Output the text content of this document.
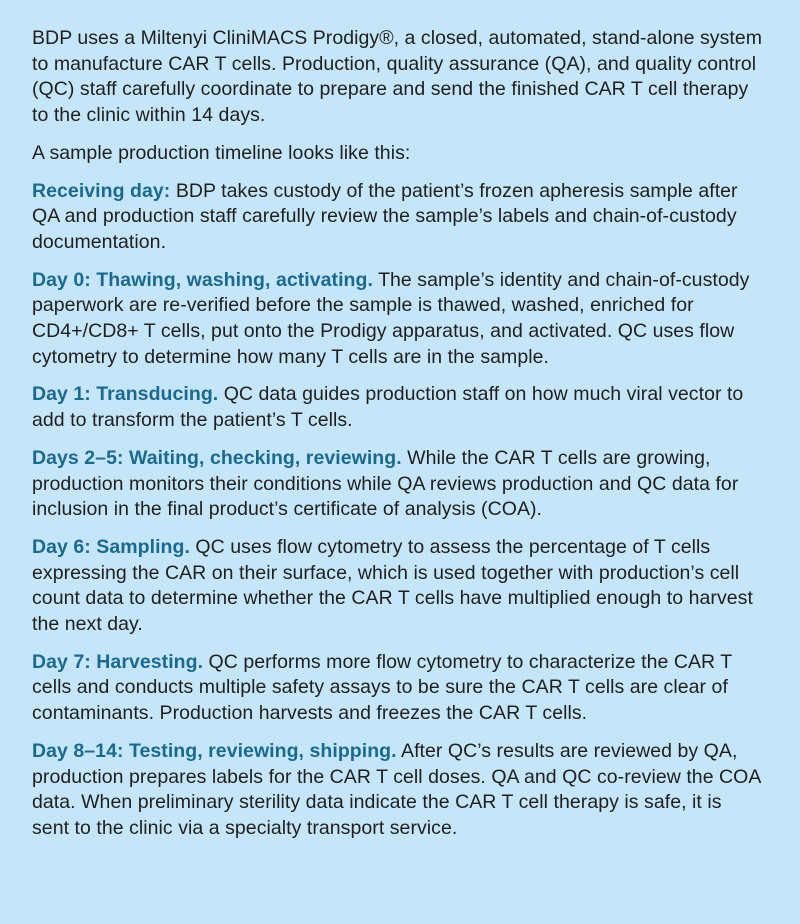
BDP uses a Miltenyi CliniMACS Prodigy®, a closed, automated, stand-alone system to manufacture CAR T cells. Production, quality assurance (QA), and quality control (QC) staff carefully coordinate to prepare and send the finished CAR T cell therapy to the clinic within 14 days.

A sample production timeline looks like this:

Receiving day: BDP takes custody of the patient’s frozen apheresis sample after QA and production staff carefully review the sample’s labels and chain-of-custody documentation.

Day 0: Thawing, washing, activating. The sample’s identity and chain-of-custody paperwork are re-verified before the sample is thawed, washed, enriched for CD4+/CD8+ T cells, put onto the Prodigy apparatus, and activated. QC uses flow cytometry to determine how many T cells are in the sample.

Day 1: Transducing. QC data guides production staff on how much viral vector to add to transform the patient’s T cells.

Days 2–5: Waiting, checking, reviewing. While the CAR T cells are growing, production monitors their conditions while QA reviews production and QC data for inclusion in the final product’s certificate of analysis (COA).

Day 6: Sampling. QC uses flow cytometry to assess the percentage of T cells expressing the CAR on their surface, which is used together with production’s cell count data to determine whether the CAR T cells have multiplied enough to harvest the next day.

Day 7: Harvesting. QC performs more flow cytometry to characterize the CAR T cells and conducts multiple safety assays to be sure the CAR T cells are clear of contaminants. Production harvests and freezes the CAR T cells.

Day 8–14: Testing, reviewing, shipping. After QC’s results are reviewed by QA, production prepares labels for the CAR T cell doses. QA and QC co-review the COA data. When preliminary sterility data indicate the CAR T cell therapy is safe, it is sent to the clinic via a specialty transport service.
